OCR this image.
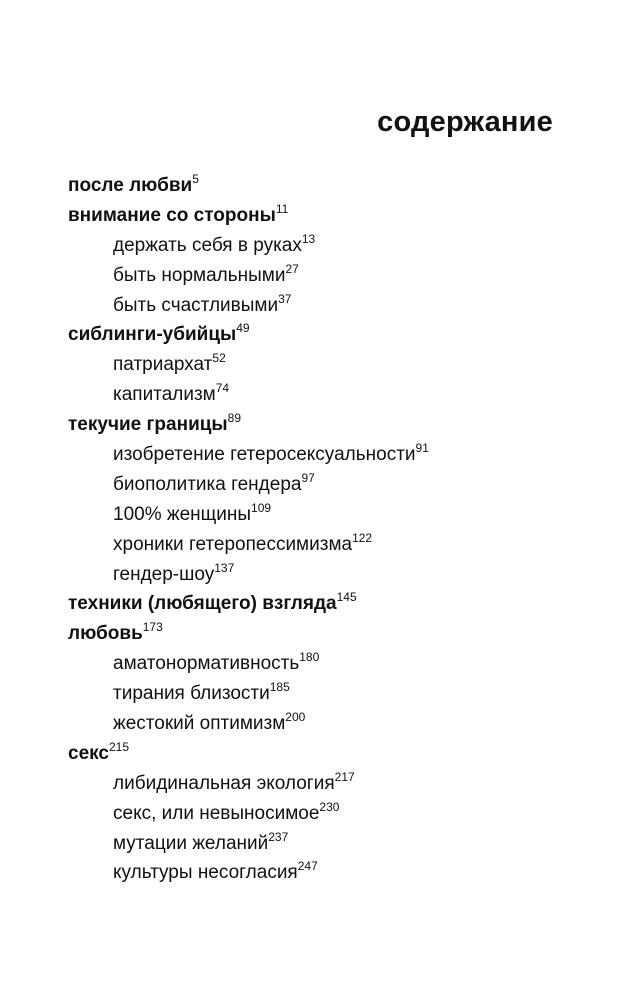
содержание
после любви$^5$
внимание со стороны$^{11}$
держать себя в руках$^{13}$
быть нормальными$^{27}$
быть счастливыми$^{37}$
сиблинги-убийцы$^{49}$
патриархат$^{52}$
капитализм$^{74}$
текучие границы$^{89}$
изобретение гетеросексуальности$^{91}$
биополитика гендера$^{97}$
100% женщины$^{109}$
хроники гетеропессимизма$^{122}$
гендер-шоу$^{137}$
техники (любящего) взгляда$^{145}$
любовь$^{173}$
аматонормативность$^{180}$
тирания близости$^{185}$
жестокий оптимизм$^{200}$
секс$^{215}$
либидинальная экология$^{217}$
секс, или невыносимое$^{230}$
мутации желаний$^{237}$
культуры несогласия$^{247}$
